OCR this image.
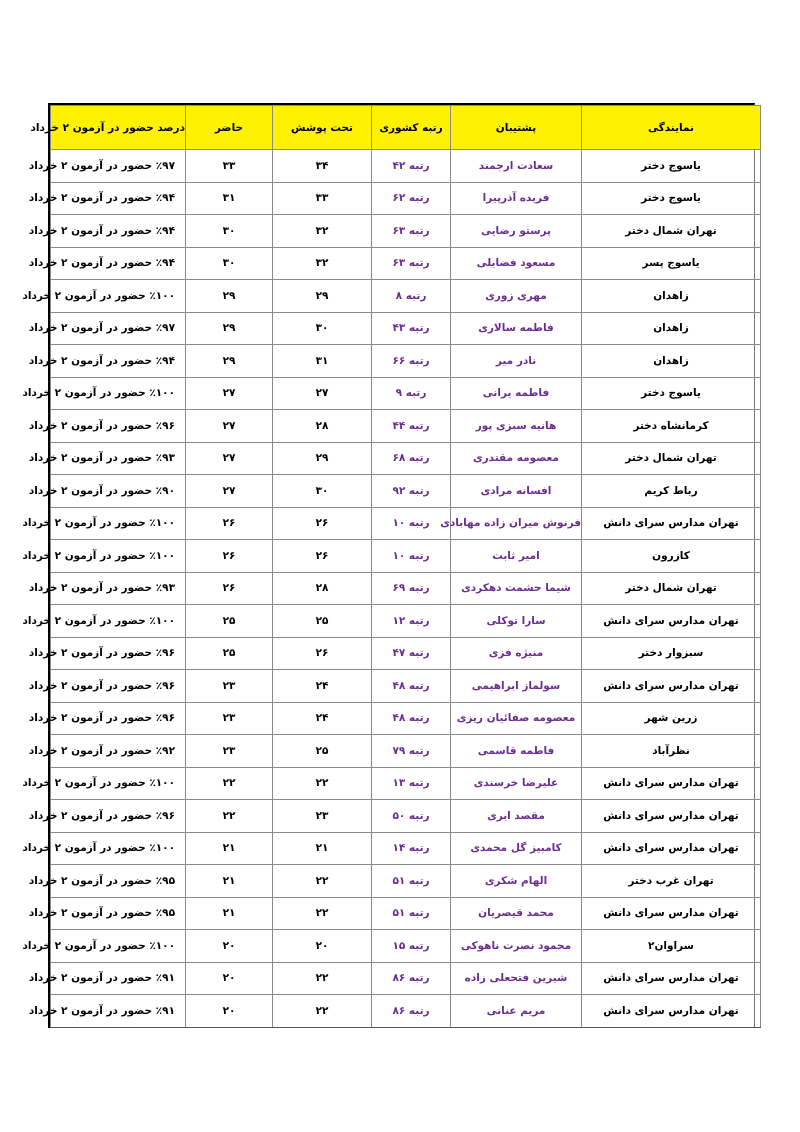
نمایندگی	پشتیبان	رتبه کشوری	تحت پوشش	حاضر	درصد حضور در آزمون ۲ خرداد
یاسوج دختر	سعادت ارجمند	رتبه ۴۲	۳۴	۳۳	٪۹۷ حضور در آزمون ۲ خرداد
یاسوج دختر	فریده آذرپیرا	رتبه ۶۲	۳۳	۳۱	٪۹۴ حضور در آزمون ۲ خرداد
تهران شمال دختر	پرستو رضایی	رتبه ۶۳	۳۲	۳۰	٪۹۴ حضور در آزمون ۲ خرداد
یاسوج پسر	مسعود فضایلی	رتبه ۶۳	۳۲	۳۰	٪۹۴ حضور در آزمون ۲ خرداد
زاهدان	مهری زوری	رتبه ۸	۲۹	۲۹	٪۱۰۰ حضور در آزمون ۲ خرداد
زاهدان	فاطمه سالاری	رتبه ۴۳	۳۰	۲۹	٪۹۷ حضور در آزمون ۲ خرداد
زاهدان	نادر میر	رتبه ۶۶	۳۱	۲۹	٪۹۴ حضور در آزمون ۲ خرداد
یاسوج دختر	فاطمه یرانی	رتبه ۹	۲۷	۲۷	٪۱۰۰ حضور در آزمون ۲ خرداد
کرمانشاه دختر	هانیه سبزی پور	رتبه ۴۴	۲۸	۲۷	٪۹۶ حضور در آزمون ۲ خرداد
تهران شمال دختر	معصومه مقتدری	رتبه ۶۸	۲۹	۲۷	٪۹۳ حضور در آزمون ۲ خرداد
رباط کریم	افسانه مرادی	رتبه ۹۲	۳۰	۲۷	٪۹۰ حضور در آزمون ۲ خرداد
تهران مدارس سرای دانش	فرنوش میران زاده مهابادی	رتبه ۱۰	۲۶	۲۶	٪۱۰۰ حضور در آزمون ۲ خرداد
کازرون	امیر ثابت	رتبه ۱۰	۲۶	۲۶	٪۱۰۰ حضور در آزمون ۲ خرداد
تهران شمال دختر	شیما حشمت دهکردی	رتبه ۶۹	۲۸	۲۶	٪۹۳ حضور در آزمون ۲ خرداد
تهران مدارس سرای دانش	سارا توکلی	رتبه ۱۲	۲۵	۲۵	٪۱۰۰ حضور در آزمون ۲ خرداد
سبزوار دختر	منیژه فزی	رتبه ۴۷	۲۶	۲۵	٪۹۶ حضور در آزمون ۲ خرداد
تهران مدارس سرای دانش	سولماز ابراهیمی	رتبه ۴۸	۲۴	۲۳	٪۹۶ حضور در آزمون ۲ خرداد
زرین شهر	معصومه صفائیان ریزی	رتبه ۴۸	۲۴	۲۳	٪۹۶ حضور در آزمون ۲ خرداد
نظرآباد	فاطمه قاسمی	رتبه ۷۹	۲۵	۲۳	٪۹۲ حضور در آزمون ۲ خرداد
تهران مدارس سرای دانش	علیرضا خرسندی	رتبه ۱۳	۲۲	۲۲	٪۱۰۰ حضور در آزمون ۲ خرداد
تهران مدارس سرای دانش	مقصد ابری	رتبه ۵۰	۲۳	۲۲	٪۹۶ حضور در آزمون ۲ خرداد
تهران مدارس سرای دانش	کامبیز گل محمدی	رتبه ۱۴	۲۱	۲۱	٪۱۰۰ حضور در آزمون ۲ خرداد
تهران غرب دختر	الهام شکری	رتبه ۵۱	۲۲	۲۱	٪۹۵ حضور در آزمون ۲ خرداد
تهران مدارس سرای دانش	محمد قیصریان	رتبه ۵۱	۲۲	۲۱	٪۹۵ حضور در آزمون ۲ خرداد
سراوان۲	محمود نصرت ناهوکی	رتبه ۱۵	۲۰	۲۰	٪۱۰۰ حضور در آزمون ۲ خرداد
تهران مدارس سرای دانش	شیرین فتحعلی زاده	رتبه ۸۶	۲۲	۲۰	٪۹۱ حضور در آزمون ۲ خرداد
تهران مدارس سرای دانش	مریم عنانی	رتبه ۸۶	۲۲	۲۰	٪۹۱ حضور در آزمون ۲ خرداد
